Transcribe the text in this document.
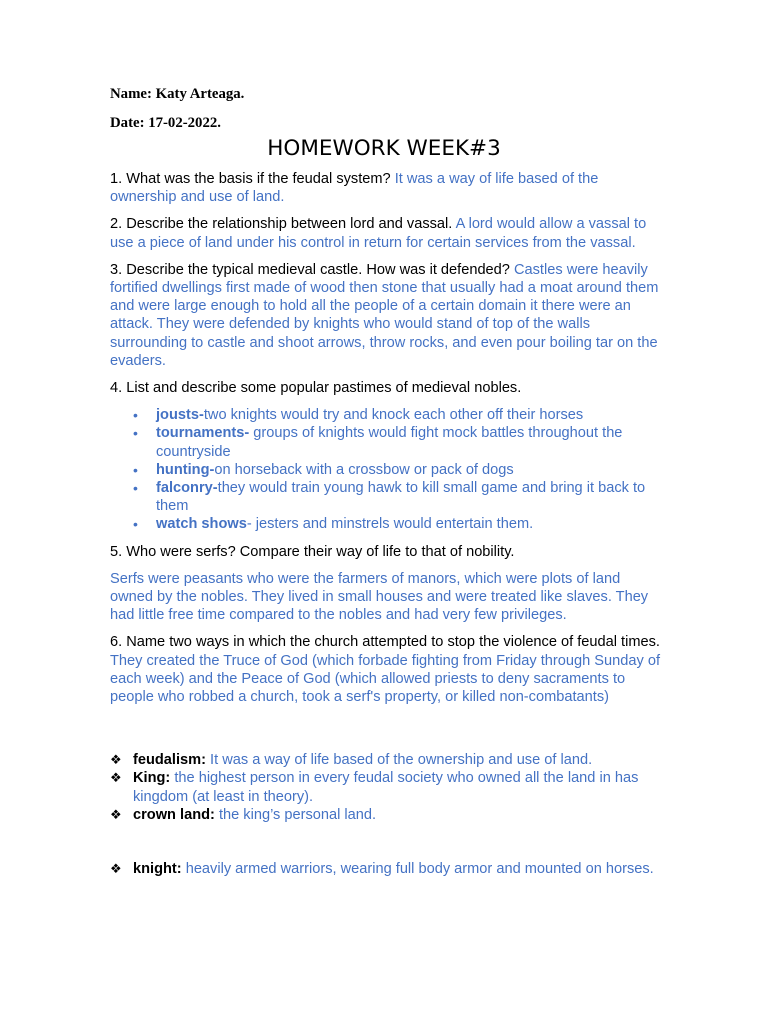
Name: Katy Arteaga.

Date: 17-02-2022.

HOMEWORK WEEK#3

1. What was the basis if the feudal system? It was a way of life based of the ownership and use of land.

2. Describe the relationship between lord and vassal. A lord would allow a vassal to use a piece of land under his control in return for certain services from the vassal.

3. Describe the typical medieval castle. How was it defended? Castles were heavily fortified dwellings first made of wood then stone that usually had a moat around them and were large enough to hold all the people of a certain domain it there were an attack. They were defended by knights who would stand of top of the walls surrounding to castle and shoot arrows, throw rocks, and even pour boiling tar on the evaders.

4. List and describe some popular pastimes of medieval nobles.

• jousts-two knights would try and knock each other off their horses
• tournaments- groups of knights would fight mock battles throughout the countryside
• hunting-on horseback with a crossbow or pack of dogs
• falconry-they would train young hawk to kill small game and bring it back to them
• watch shows- jesters and minstrels would entertain them.

5. Who were serfs? Compare their way of life to that of nobility.

Serfs were peasants who were the farmers of manors, which were plots of land owned by the nobles. They lived in small houses and were treated like slaves. They had little free time compared to the nobles and had very few privileges.

6. Name two ways in which the church attempted to stop the violence of feudal times. They created the Truce of God (which forbade fighting from Friday through Sunday of each week) and the Peace of God (which allowed priests to deny sacraments to people who robbed a church, took a serf's property, or killed non-combatants)

❖ feudalism: It was a way of life based of the ownership and use of land.
❖ King: the highest person in every feudal society who owned all the land in has kingdom (at least in theory).
❖ crown land: the king’s personal land.
❖ knight: heavily armed warriors, wearing full body armor and mounted on horses.
